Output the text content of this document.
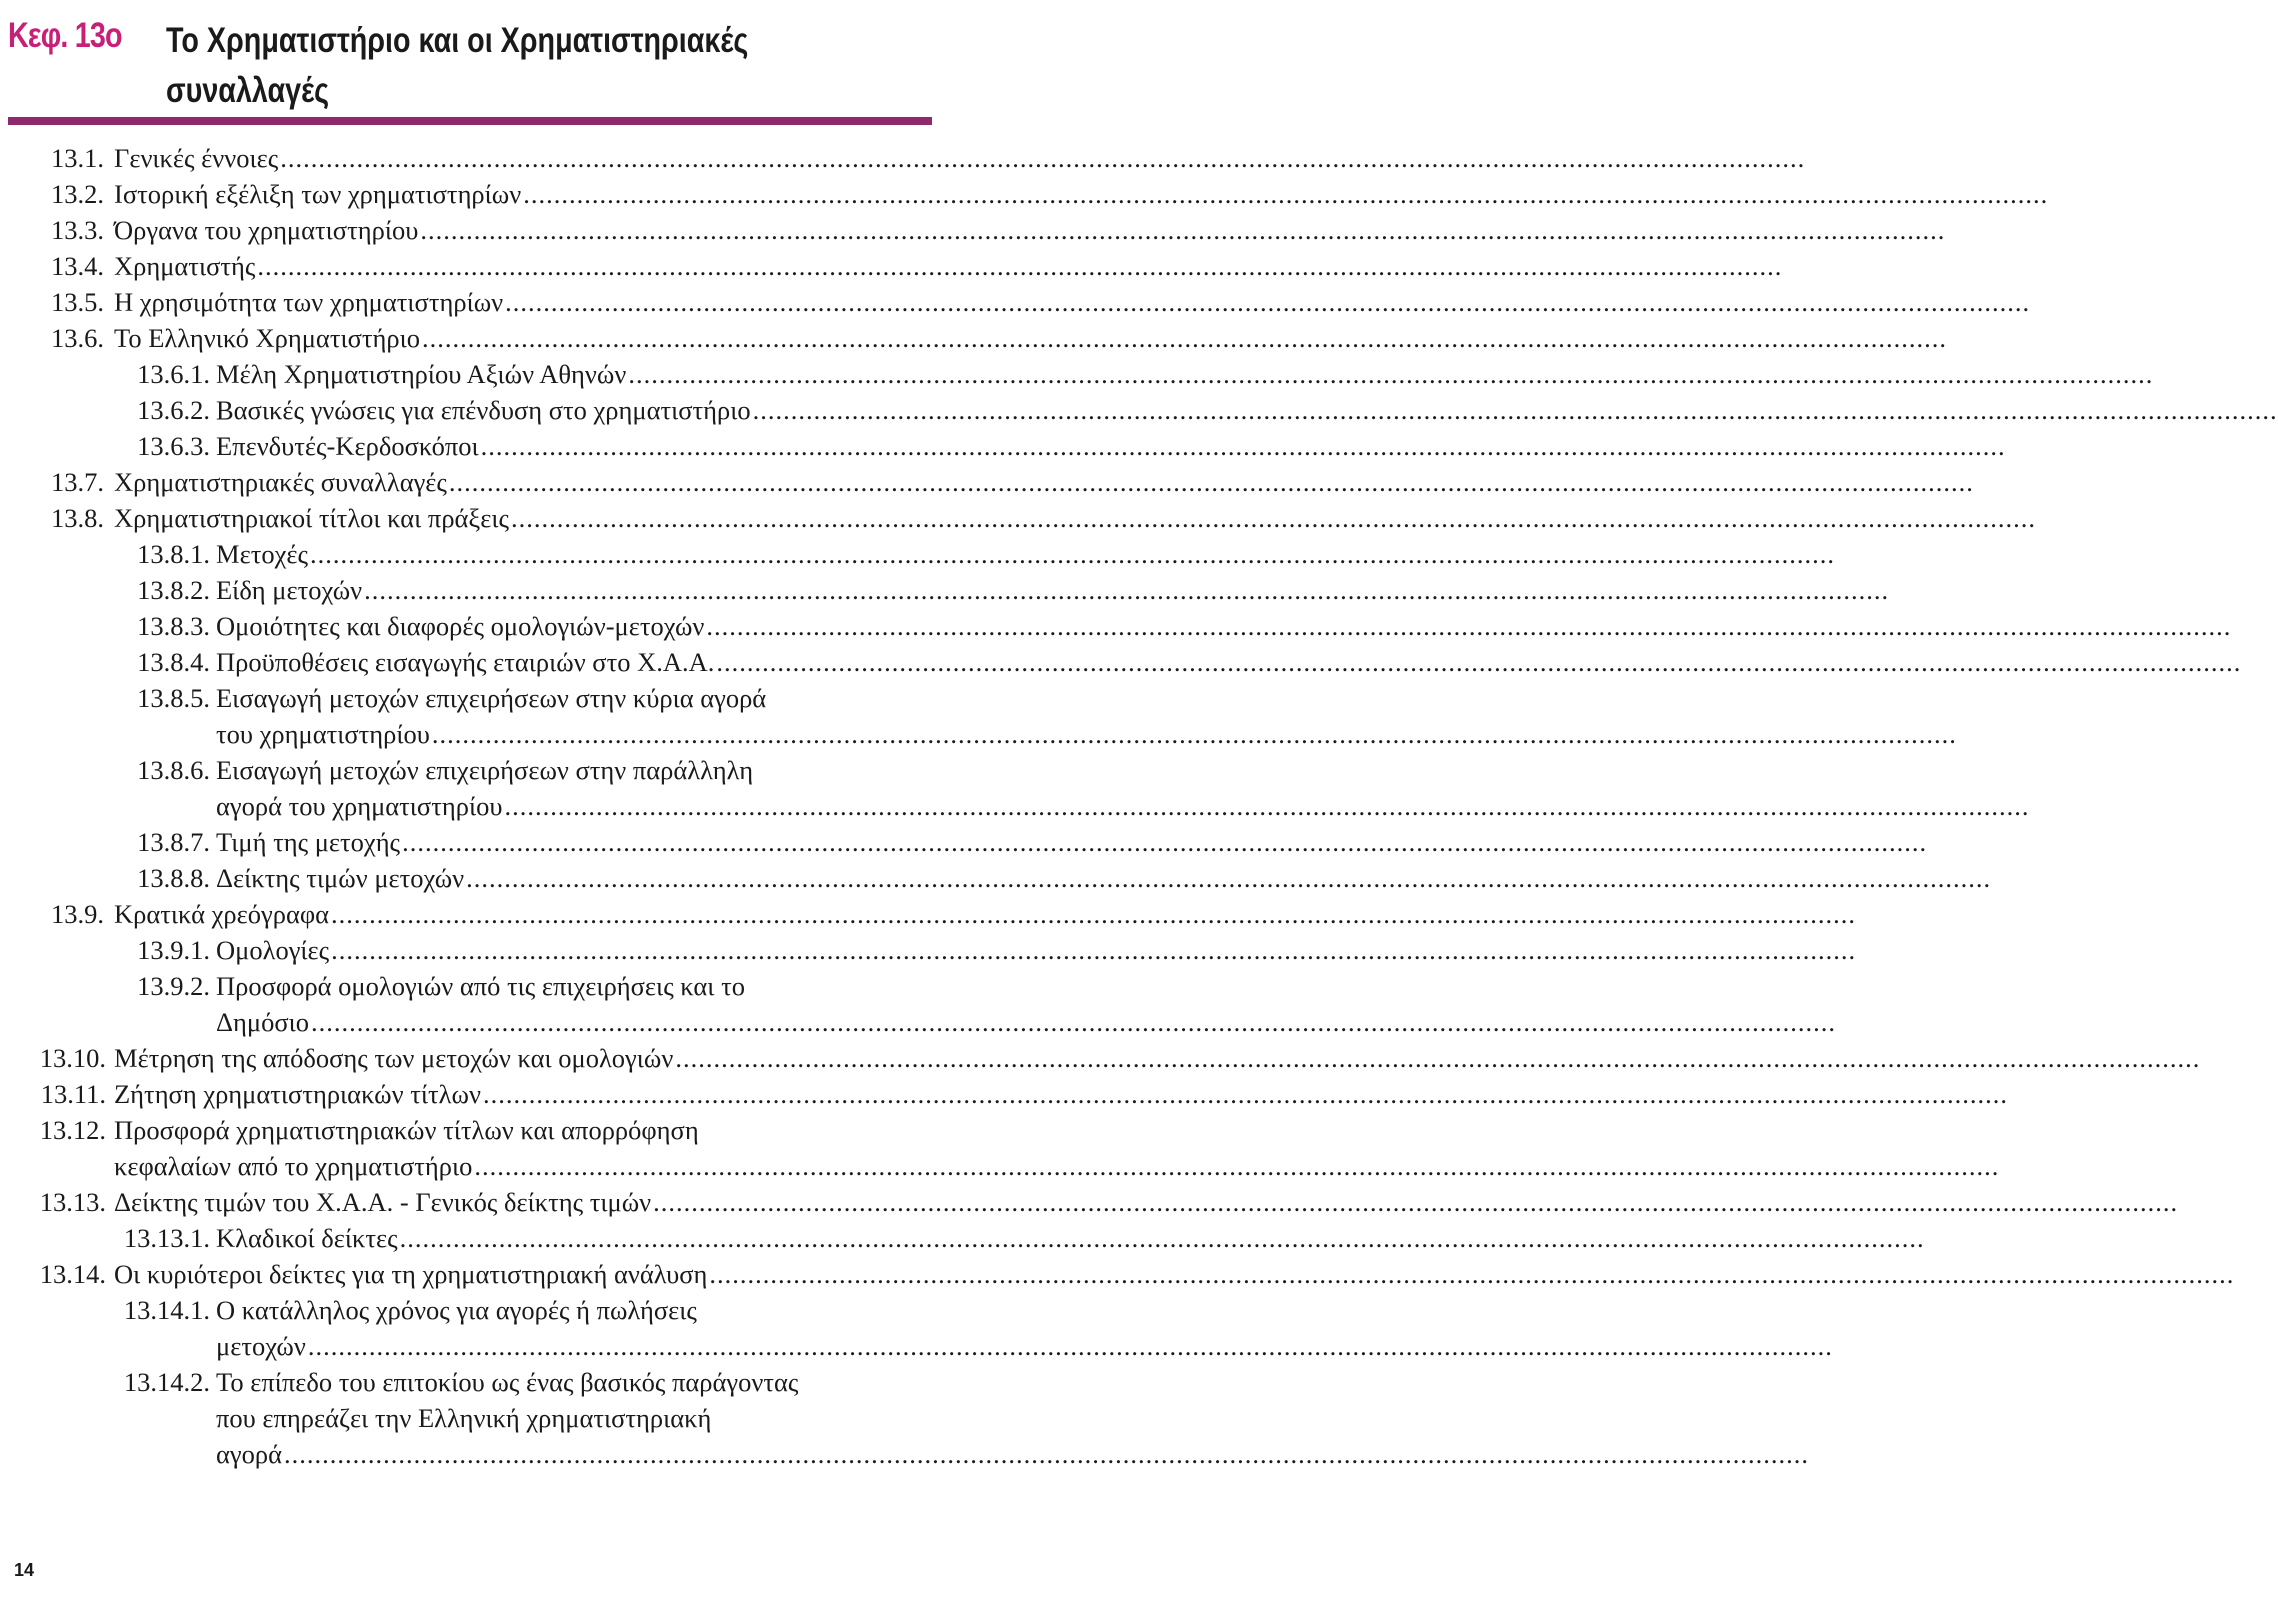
Κεφ. 13ο Το Χρηματιστήριο και οι Χρηματιστηριακές
συναλλαγές
13.1. Γενικές έννοιες ........................................................................................................................................................................................................
13.2. Ιστορική εξέλιξη των χρηματιστηρίων ........................................................................................................................................................................................................
13.3. Όργανα του χρηματιστηρίου ........................................................................................................................................................................................................
13.4. Χρηματιστής ........................................................................................................................................................................................................
13.5. Η χρησιμότητα των χρηματιστηρίων ........................................................................................................................................................................................................
13.6. Το Ελληνικό Χρηματιστήριο ........................................................................................................................................................................................................
13.6.1. Μέλη Χρηματιστηρίου Αξιών Αθηνών ........................................................................................................................................................................................................
13.6.2. Βασικές γνώσεις για επένδυση στο χρηματιστήριο ........................................................................................................................................................................................................
13.6.3. Επενδυτές-Κερδοσκόποι ........................................................................................................................................................................................................
13.7. Χρηματιστηριακές συναλλαγές ........................................................................................................................................................................................................
13.8. Χρηματιστηριακοί τίτλοι και πράξεις ........................................................................................................................................................................................................
13.8.1. Μετοχές ........................................................................................................................................................................................................
13.8.2. Είδη μετοχών ........................................................................................................................................................................................................
13.8.3. Ομοιότητες και διαφορές ομολογιών-μετοχών ........................................................................................................................................................................................................
13.8.4. Προϋποθέσεις εισαγωγής εταιριών στο Χ.Α.Α. ........................................................................................................................................................................................................
13.8.5. Εισαγωγή μετοχών επιχειρήσεων στην κύρια αγορά
του χρηματιστηρίου ........................................................................................................................................................................................................
13.8.6. Εισαγωγή μετοχών επιχειρήσεων στην παράλληλη
αγορά του χρηματιστηρίου ........................................................................................................................................................................................................
13.8.7. Τιμή της μετοχής ........................................................................................................................................................................................................
13.8.8. Δείκτης τιμών μετοχών ........................................................................................................................................................................................................
13.9. Κρατικά χρεόγραφα ........................................................................................................................................................................................................
13.9.1. Ομολογίες ........................................................................................................................................................................................................
13.9.2. Προσφορά ομολογιών από τις επιχειρήσεις και το
Δημόσιο ........................................................................................................................................................................................................
13.10. Μέτρηση της απόδοσης των μετοχών και ομολογιών ........................................................................................................................................................................................................
13.11. Ζήτηση χρηματιστηριακών τίτλων ........................................................................................................................................................................................................
13.12. Προσφορά χρηματιστηριακών τίτλων και απορρόφηση
κεφαλαίων από το χρηματιστήριο ........................................................................................................................................................................................................
13.13. Δείκτης τιμών του Χ.Α.Α. - Γενικός δείκτης τιμών ........................................................................................................................................................................................................
13.13.1. Κλαδικοί δείκτες ........................................................................................................................................................................................................
13.14. Οι κυριότεροι δείκτες για τη χρηματιστηριακή ανάλυση ........................................................................................................................................................................................................
13.14.1. Ο κατάλληλος χρόνος για αγορές ή πωλήσεις
μετοχών ........................................................................................................................................................................................................
13.14.2. Το επίπεδο του επιτοκίου ως ένας βασικός παράγοντας
που επηρεάζει την Ελληνική χρηματιστηριακή
αγορά ........................................................................................................................................................................................................
14
